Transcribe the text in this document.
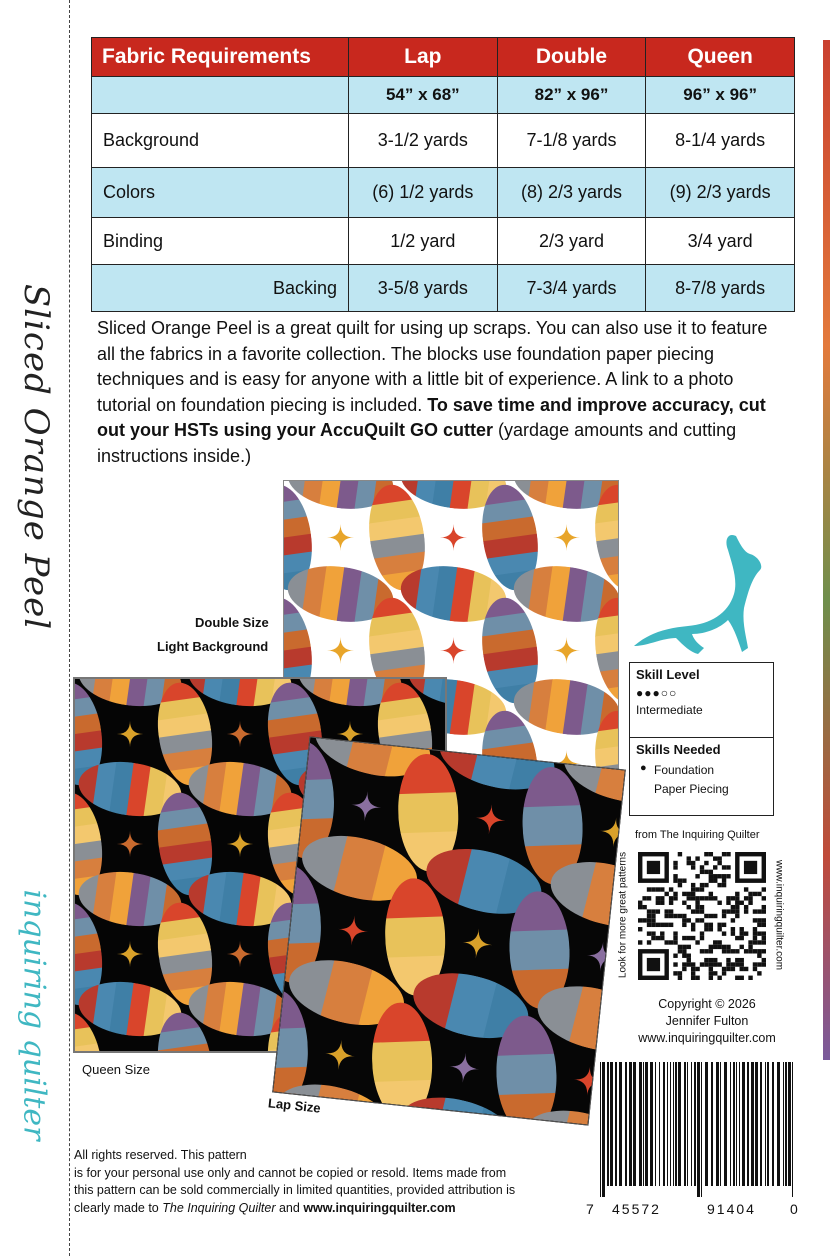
Sliced Orange Peel
inquiring quilter
Fabric Requirements	Lap	Double	Queen
	54” x 68”	82” x 96”	96” x 96”
Background	3-1/2 yards	7-1/8 yards	8-1/4 yards
Colors	(6) 1/2 yards	(8) 2/3 yards	(9) 2/3 yards
Binding	1/2 yard	2/3 yard	3/4 yard
Backing	3-5/8 yards	7-3/4 yards	8-7/8 yards
Sliced Orange Peel is a great quilt for using up scraps. You can also use it to feature all the fabrics in a favorite collection. The blocks use foundation paper piecing techniques and is easy for anyone with a little bit of experience. A link to a photo tutorial on foundation piecing is included. To save time and improve accuracy, cut out your HSTs using your AccuQuilt GO cutter (yardage amounts and cutting instructions inside.)
Double Size
Light Background
Queen Size
Lap Size
Skill Level
●●●○○
Intermediate
Skills Needed
● Foundation
Paper Piecing
from The Inquiring Quilter
Look for more great patterns	www.inquiringquilter.com
Copyright © 2026
Jennifer Fulton
www.inquiringquilter.com
7 45572	91404 0
All rights reserved. This pattern
is for your personal use only and cannot be copied or resold. Items made from
this pattern can be sold commercially in limited quantities, provided attribution is
clearly made to The Inquiring Quilter and www.inquiringquilter.com
